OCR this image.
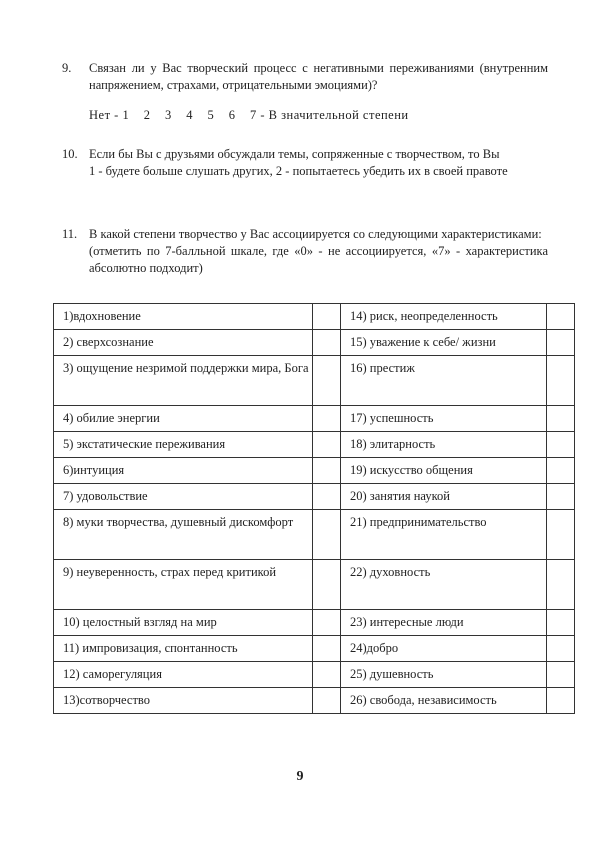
9.	Связан ли у Вас творческий процесс с негативными переживаниями (внутренним напряжением, страхами, отрицательными эмоциями)?

Нет - 1    2    3    4    5    6    7 - В значительной степени

10. Если бы Вы с друзьями обсуждали темы, сопряженные с творчеством, то Вы

1 - будете больше слушать других, 2 - попытаетесь убедить их в своей правоте

11. В какой степени творчество у Вас ассоциируется со следующими характеристиками:

(отметить по 7-балльной шкале, где «0» - не ассоциируется, «7» - характеристика абсолютно подходит)

1)вдохновение		14) риск, неопределенность	
2) сверхсознание		15) уважение к себе/ жизни	
3) ощущение незримой поддержки мира, Бога		16) престиж	
4) обилие энергии		17) успешность	
5) экстатические переживания		18) элитарность	
6)интуиция		19) искусство общения	
7) удовольствие		20) занятия наукой	
8) муки творчества, душевный дискомфорт		21) предпринимательство	
9) неуверенность, страх перед критикой		22) духовность	
10) целостный взгляд на мир		23) интересные люди	
11) импровизация, спонтанность		24)добро	
12) саморегуляция		25) душевность	
13)сотворчество		26) свобода, независимость	
9
